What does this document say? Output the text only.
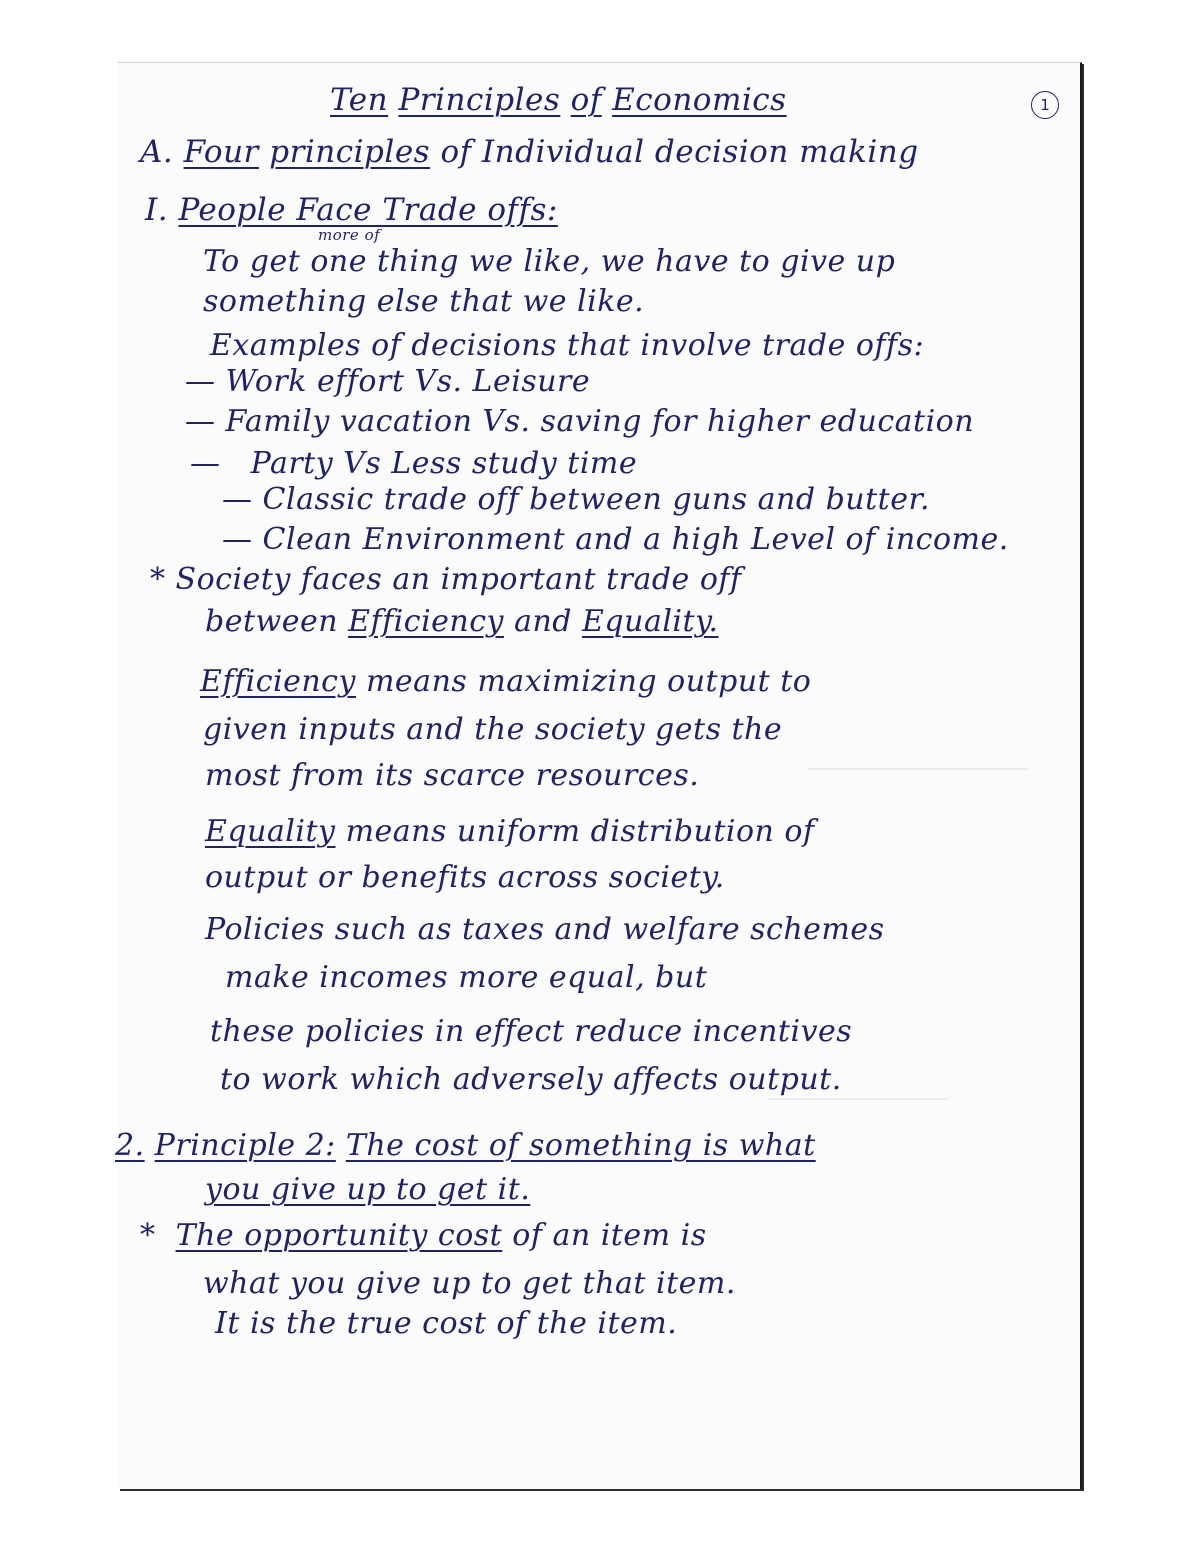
1
Ten Principles of Economics
A. Four principles of Individual decision making
I. People Face Trade offs:
more of
To get one thing we like, we have to give up
something else that we like.
Examples of decisions that involve trade offs:
— Work effort Vs. Leisure
— Family vacation Vs. saving for higher education
—   Party Vs Less study time
— Classic trade off between guns and butter.
— Clean Environment and a high Level of income.
* Society faces an important trade off
between Efficiency and Equality.
Efficiency means maximizing output to
given inputs and the society gets the
most from its scarce resources.
Equality means uniform distribution of
output or benefits across society.
Policies such as taxes and welfare schemes
make incomes more equal, but
these policies in effect reduce incentives
to work which adversely affects output.
2. Principle 2: The cost of something is what
you give up to get it.
* The opportunity cost of an item is
what you give up to get that item.
It is the true cost of the item.
